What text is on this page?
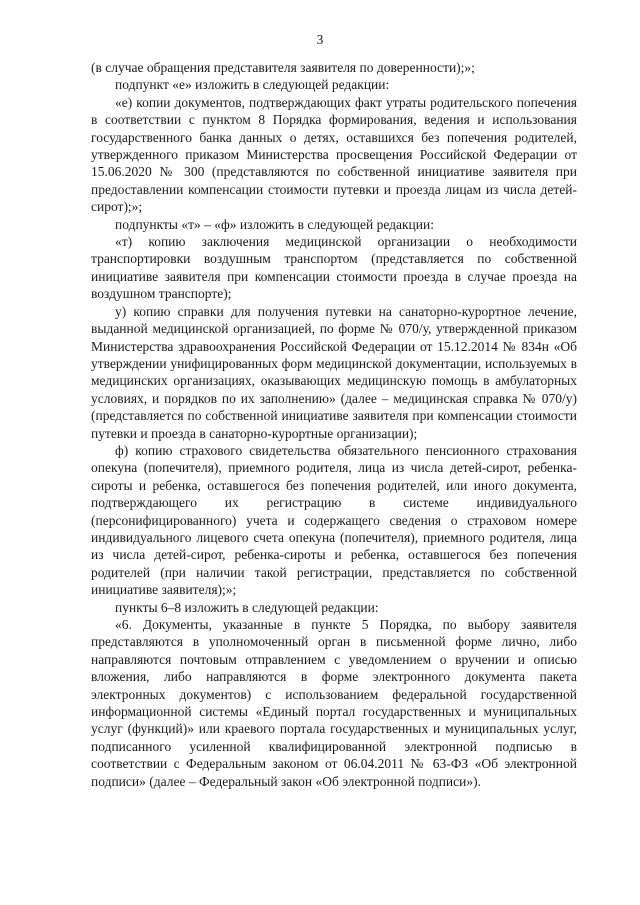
3

(в случае обращения представителя заявителя по доверенности);»;

подпункт «е» изложить в следующей редакции:

«е) копии документов, подтверждающих факт утраты родительского попечения в соответствии с пунктом 8 Порядка формирования, ведения и использования государственного банка данных о детях, оставшихся без попечения родителей, утвержденного приказом Министерства просвещения Российской Федерации от 15.06.2020 № 300 (представляются по собственной инициативе заявителя при предоставлении компенсации стоимости путевки и проезда лицам из числа детей-сирот);»;

подпункты «т» – «ф» изложить в следующей редакции:

«т) копию заключения медицинской организации о необходимости транспортировки воздушным транспортом (представляется по собственной инициативе заявителя при компенсации стоимости проезда в случае проезда на воздушном транспорте);

у) копию справки для получения путевки на санаторно-курортное лечение, выданной медицинской организацией, по форме № 070/у, утвержденной приказом Министерства здравоохранения Российской Федерации от 15.12.2014 № 834н «Об утверждении унифицированных форм медицинской документации, используемых в медицинских организациях, оказывающих медицинскую помощь в амбулаторных условиях, и порядков по их заполнению» (далее – медицинская справка № 070/у) (представляется по собственной инициативе заявителя при компенсации стоимости путевки и проезда в санаторно-курортные организации);

ф) копию страхового свидетельства обязательного пенсионного страхования опекуна (попечителя), приемного родителя, лица из числа детей-сирот, ребенка-сироты и ребенка, оставшегося без попечения родителей, или иного документа, подтверждающего их регистрацию в системе индивидуального (персонифицированного) учета и содержащего сведения о страховом номере индивидуального лицевого счета опекуна (попечителя), приемного родителя, лица из числа детей-сирот, ребенка-сироты и ребенка, оставшегося без попечения родителей (при наличии такой регистрации, представляется по собственной инициативе заявителя);»;

пункты 6–8 изложить в следующей редакции:

«6. Документы, указанные в пункте 5 Порядка, по выбору заявителя представляются в уполномоченный орган в письменной форме лично, либо направляются почтовым отправлением с уведомлением о вручении и описью вложения, либо направляются в форме электронного документа пакета электронных документов) с использованием федеральной государственной информационной системы «Единый портал государственных и муниципальных услуг (функций)» или краевого портала государственных и муниципальных услуг, подписанного усиленной квалифицированной электронной подписью в соответствии с Федеральным законом от 06.04.2011 № 63-ФЗ «Об электронной подписи» (далее – Федеральный закон «Об электронной подписи»).
